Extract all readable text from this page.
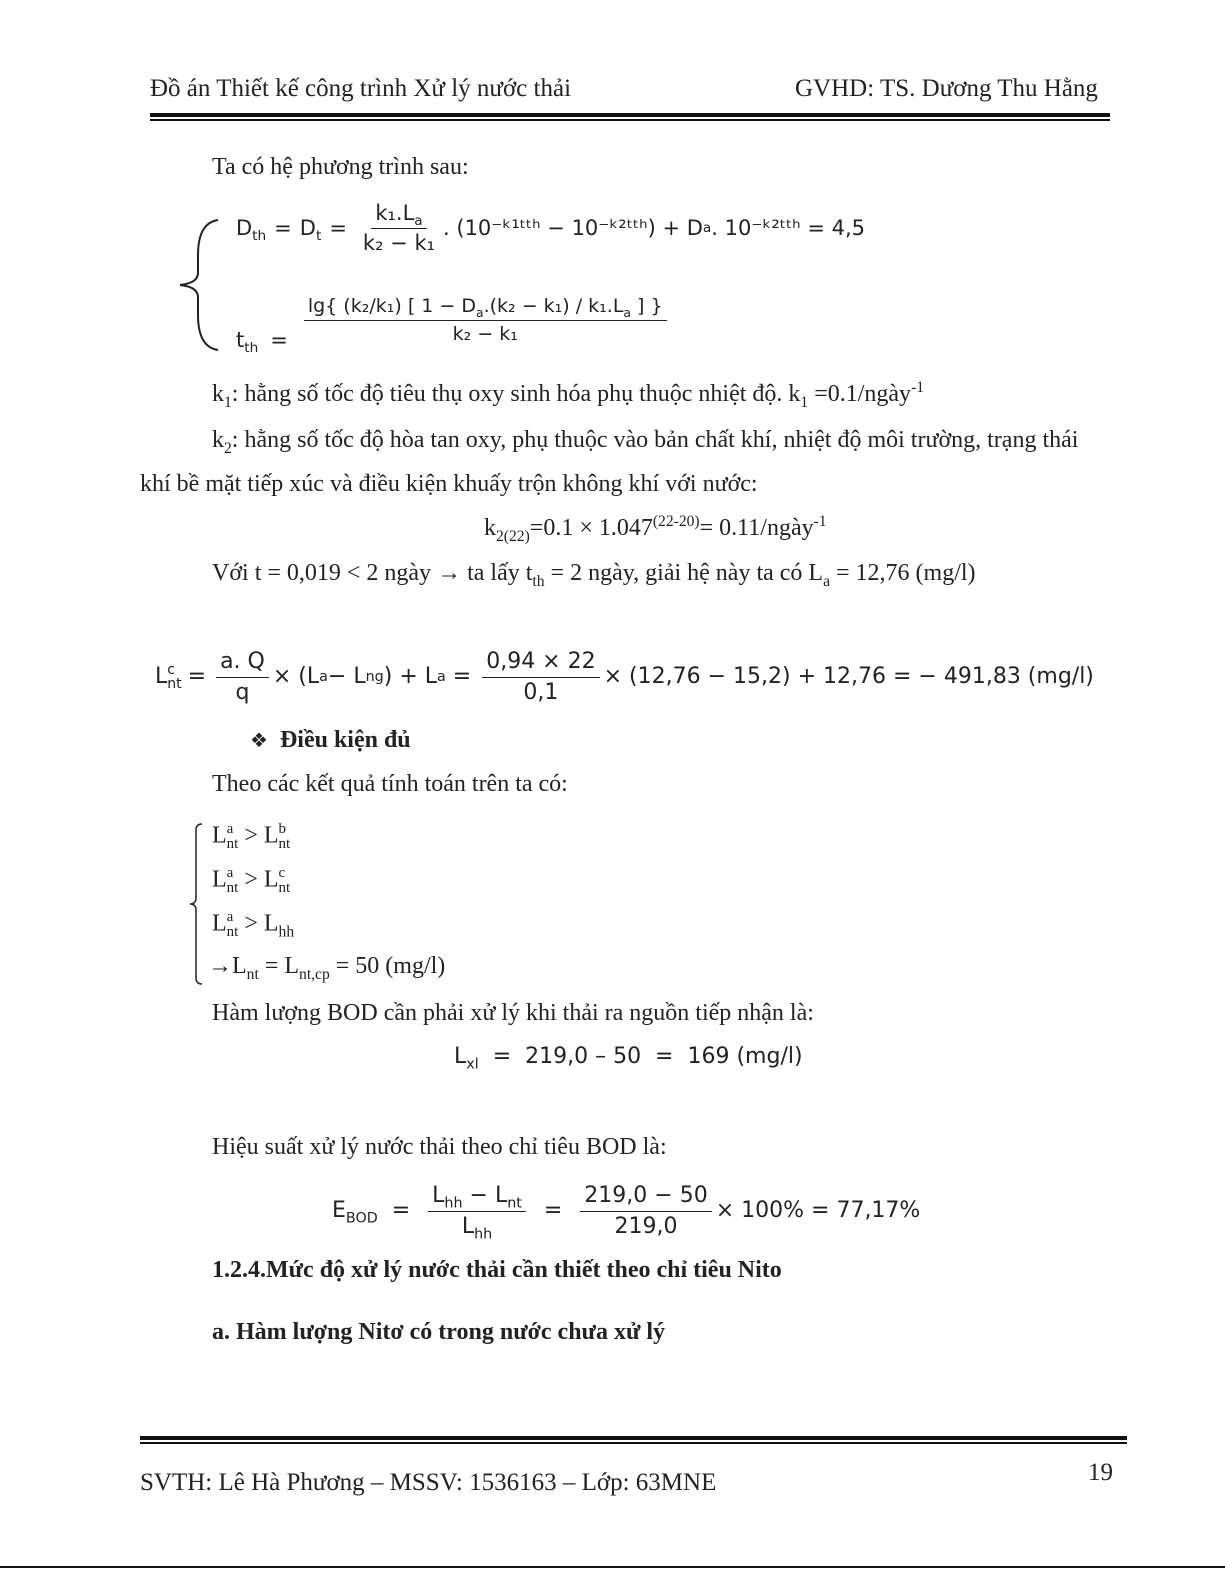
Đồ án Thiết kế công trình Xử lý nước thải	GVHD: TS. Dương Thu Hằng
Ta có hệ phương trình sau:
$D_{th} = D_t = \frac{k_1.L_a}{\text{k₂ − k₁}}$ . (10⁻ᵏ¹ᵗᵗʰ − 10⁻ᵏ²ᵗᵗʰ) + D a . 10⁻ᵏ²ᵗᵗʰ = 4,5
$t_{th} = \frac{\lg\{ (k_2/k_1) [ 1 - D_a.(k_2 - k_1) / k_1.L_a ] \}}{\text{k₂ − k₁}}$
$k_1$: hằng số tốc độ tiêu thụ oxy sinh hóa phụ thuộc nhiệt độ. $k_1$ =0.1/ngày$^{-1}$
$k_2$: hằng số tốc độ hòa tan oxy, phụ thuộc vào bản chất khí, nhiệt độ môi trường, trạng thái
khí bề mặt tiếp xúc và điều kiện khuấy trộn không khí với nước:
$k_{2(22)}=0.1 \times 1.047^{(22-20)}=$ 0.11/ngày$^{-1}$
Với t = 0,019 < 2 ngày → ta lấy $t_{th} = 2$ ngày, giải hệ này ta có $L_a = 12,76$ (mg/l)
L c
nt = $\frac{a. Q}{q} \times (L$ a − L ng ) + L $a = \frac{0,94 \times 22}{0,1} \times (12,76 - 15,2) + 12,76$ = − 491,83 (mg/l)
❖ Điều kiện đủ
Theo các kết quả tính toán trên ta có:
L a
nt > L b
nt
L a
nt > L c
nt
L a
nt > $L_{hh}$
$\to L_{nt} = L_{nt,cp} = 50$ (mg/l)
Hàm lượng BOD cần phải xử lý khi thải ra nguồn tiếp nhận là:
$L_{xl} = 219,0 - 50 = 169$ (mg/l)
Hiệu suất xử lý nước thải theo chỉ tiêu BOD là:
$E_{BOD} = \frac{L_{hh} - L_{nt}}{L_{hh}} = \frac{219,0 - 50}{219,0} \times 100\% = 77,17\%$
1.2.4.Mức độ xử lý nước thải cần thiết theo chỉ tiêu Nito
a. Hàm lượng Nitơ có trong nước chưa xử lý
SVTH: Lê Hà Phương – MSSV: 1536163 – Lớp: 63MNE	19
